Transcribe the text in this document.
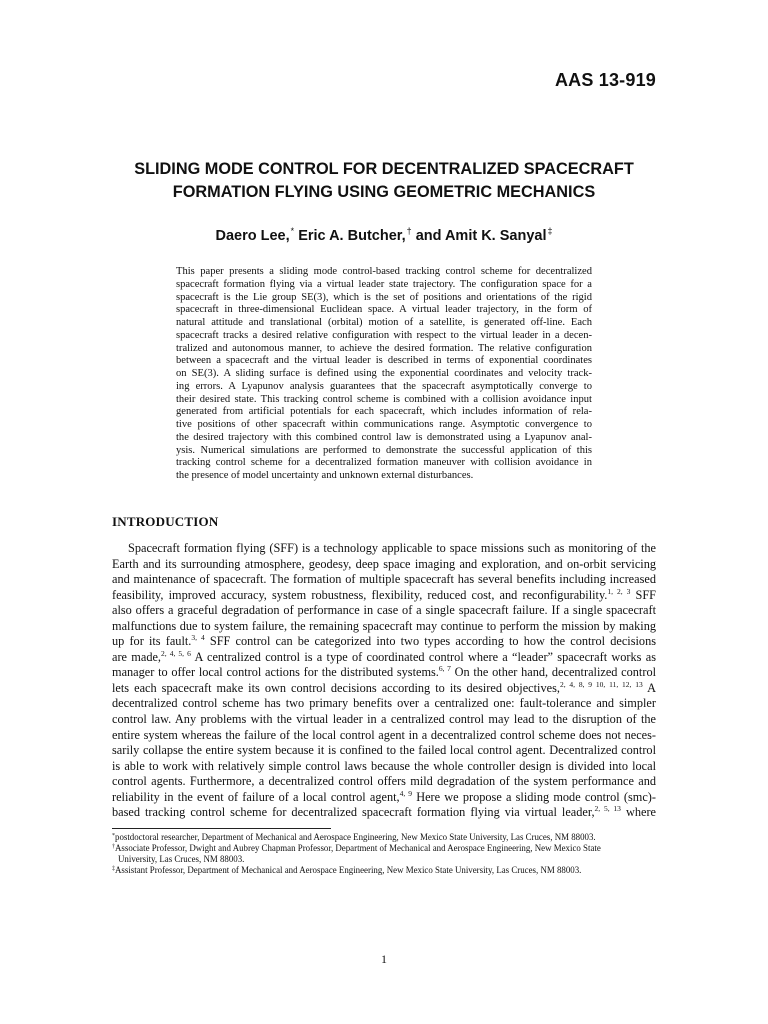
AAS 13-919
SLIDING MODE CONTROL FOR DECENTRALIZED SPACECRAFT
FORMATION FLYING USING GEOMETRIC MECHANICS
Daero Lee,* Eric A. Butcher,† and Amit K. Sanyal‡
This paper presents a sliding mode control-based tracking control scheme for decentralized
spacecraft formation flying via a virtual leader state trajectory. The configuration space for a
spacecraft is the Lie group SE(3), which is the set of positions and orientations of the rigid
spacecraft in three-dimensional Euclidean space. A virtual leader trajectory, in the form of
natural attitude and translational (orbital) motion of a satellite, is generated off-line. Each
spacecraft tracks a desired relative configuration with respect to the virtual leader in a decen-
tralized and autonomous manner, to achieve the desired formation. The relative configuration
between a spacecraft and the virtual leader is described in terms of exponential coordinates
on SE(3). A sliding surface is defined using the exponential coordinates and velocity track-
ing errors. A Lyapunov analysis guarantees that the spacecraft asymptotically converge to
their desired state. This tracking control scheme is combined with a collision avoidance input
generated from artificial potentials for each spacecraft, which includes information of rela-
tive positions of other spacecraft within communications range. Asymptotic convergence to
the desired trajectory with this combined control law is demonstrated using a Lyapunov anal-
ysis. Numerical simulations are performed to demonstrate the successful application of this
tracking control scheme for a decentralized formation maneuver with collision avoidance in
the presence of model uncertainty and unknown external disturbances.
INTRODUCTION
Spacecraft formation flying (SFF) is a technology applicable to space missions such as monitoring of the
Earth and its surrounding atmosphere, geodesy, deep space imaging and exploration, and on-orbit servicing
and maintenance of spacecraft. The formation of multiple spacecraft has several benefits including increased
feasibility, improved accuracy, system robustness, flexibility, reduced cost, and reconfigurability.$^{1, 2, 3}$ SFF
also offers a graceful degradation of performance in case of a single spacecraft failure. If a single spacecraft
malfunctions due to system failure, the remaining spacecraft may continue to perform the mission by making
up for its fault.$^{3, 4}$ SFF control can be categorized into two types according to how the control decisions
are made,$^{2, 4, 5, 6}$ A centralized control is a type of coordinated control where a “leader” spacecraft works as
manager to offer local control actions for the distributed systems.$^{6, 7}$ On the other hand, decentralized control
lets each spacecraft make its own control decisions according to its desired objectives,$^{2, 4, 8, 9 10, 11, 12, 13}$ A
decentralized control scheme has two primary benefits over a centralized one: fault-tolerance and simpler
control law. Any problems with the virtual leader in a centralized control may lead to the disruption of the
entire system whereas the failure of the local control agent in a decentralized control scheme does not neces-
sarily collapse the entire system because it is confined to the failed local control agent. Decentralized control
is able to work with relatively simple control laws because the whole controller design is divided into local
control agents. Furthermore, a decentralized control offers mild degradation of the system performance and
reliability in the event of failure of a local control agent,$^{4, 9}$ Here we propose a sliding mode control (smc)-
based tracking control scheme for decentralized spacecraft formation flying via virtual leader,$^{2, 5, 13}$ where
*postdoctoral researcher, Department of Mechanical and Aerospace Engineering, New Mexico State University, Las Cruces, NM 88003.
†Associate Professor, Dwight and Aubrey Chapman Professor, Department of Mechanical and Aerospace Engineering, New Mexico State
University, Las Cruces, NM 88003.
‡Assistant Professor, Department of Mechanical and Aerospace Engineering, New Mexico State University, Las Cruces, NM 88003.
1
